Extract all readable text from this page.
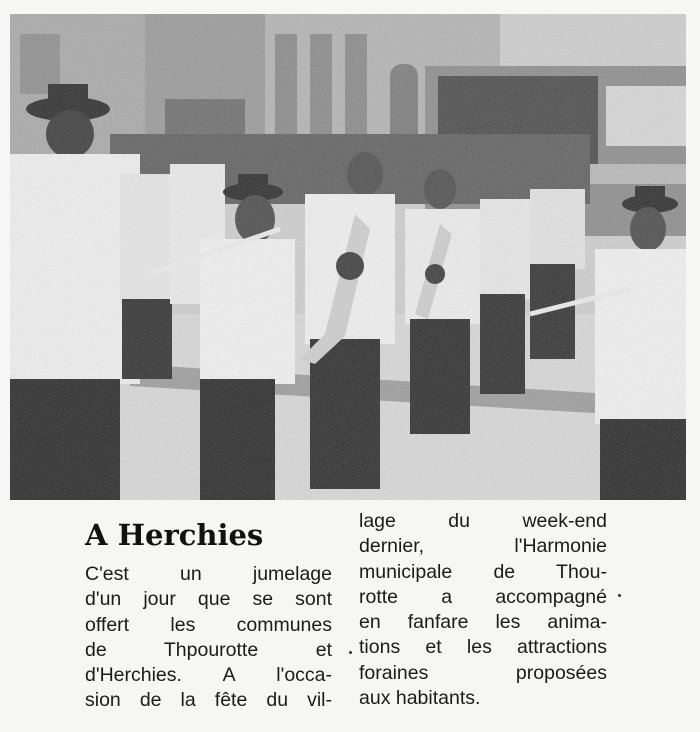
A Herchies
C'est un jumelage
d'un jour que se sont
offert les communes
de Thpourotte et
d'Herchies. A l'occa-
sion de la fête du vil-
lage du week-end
dernier, l'Harmonie
municipale de Thou-
rotte a accompagné
en fanfare les anima-
tions et les attractions
foraines proposées
aux habitants.
